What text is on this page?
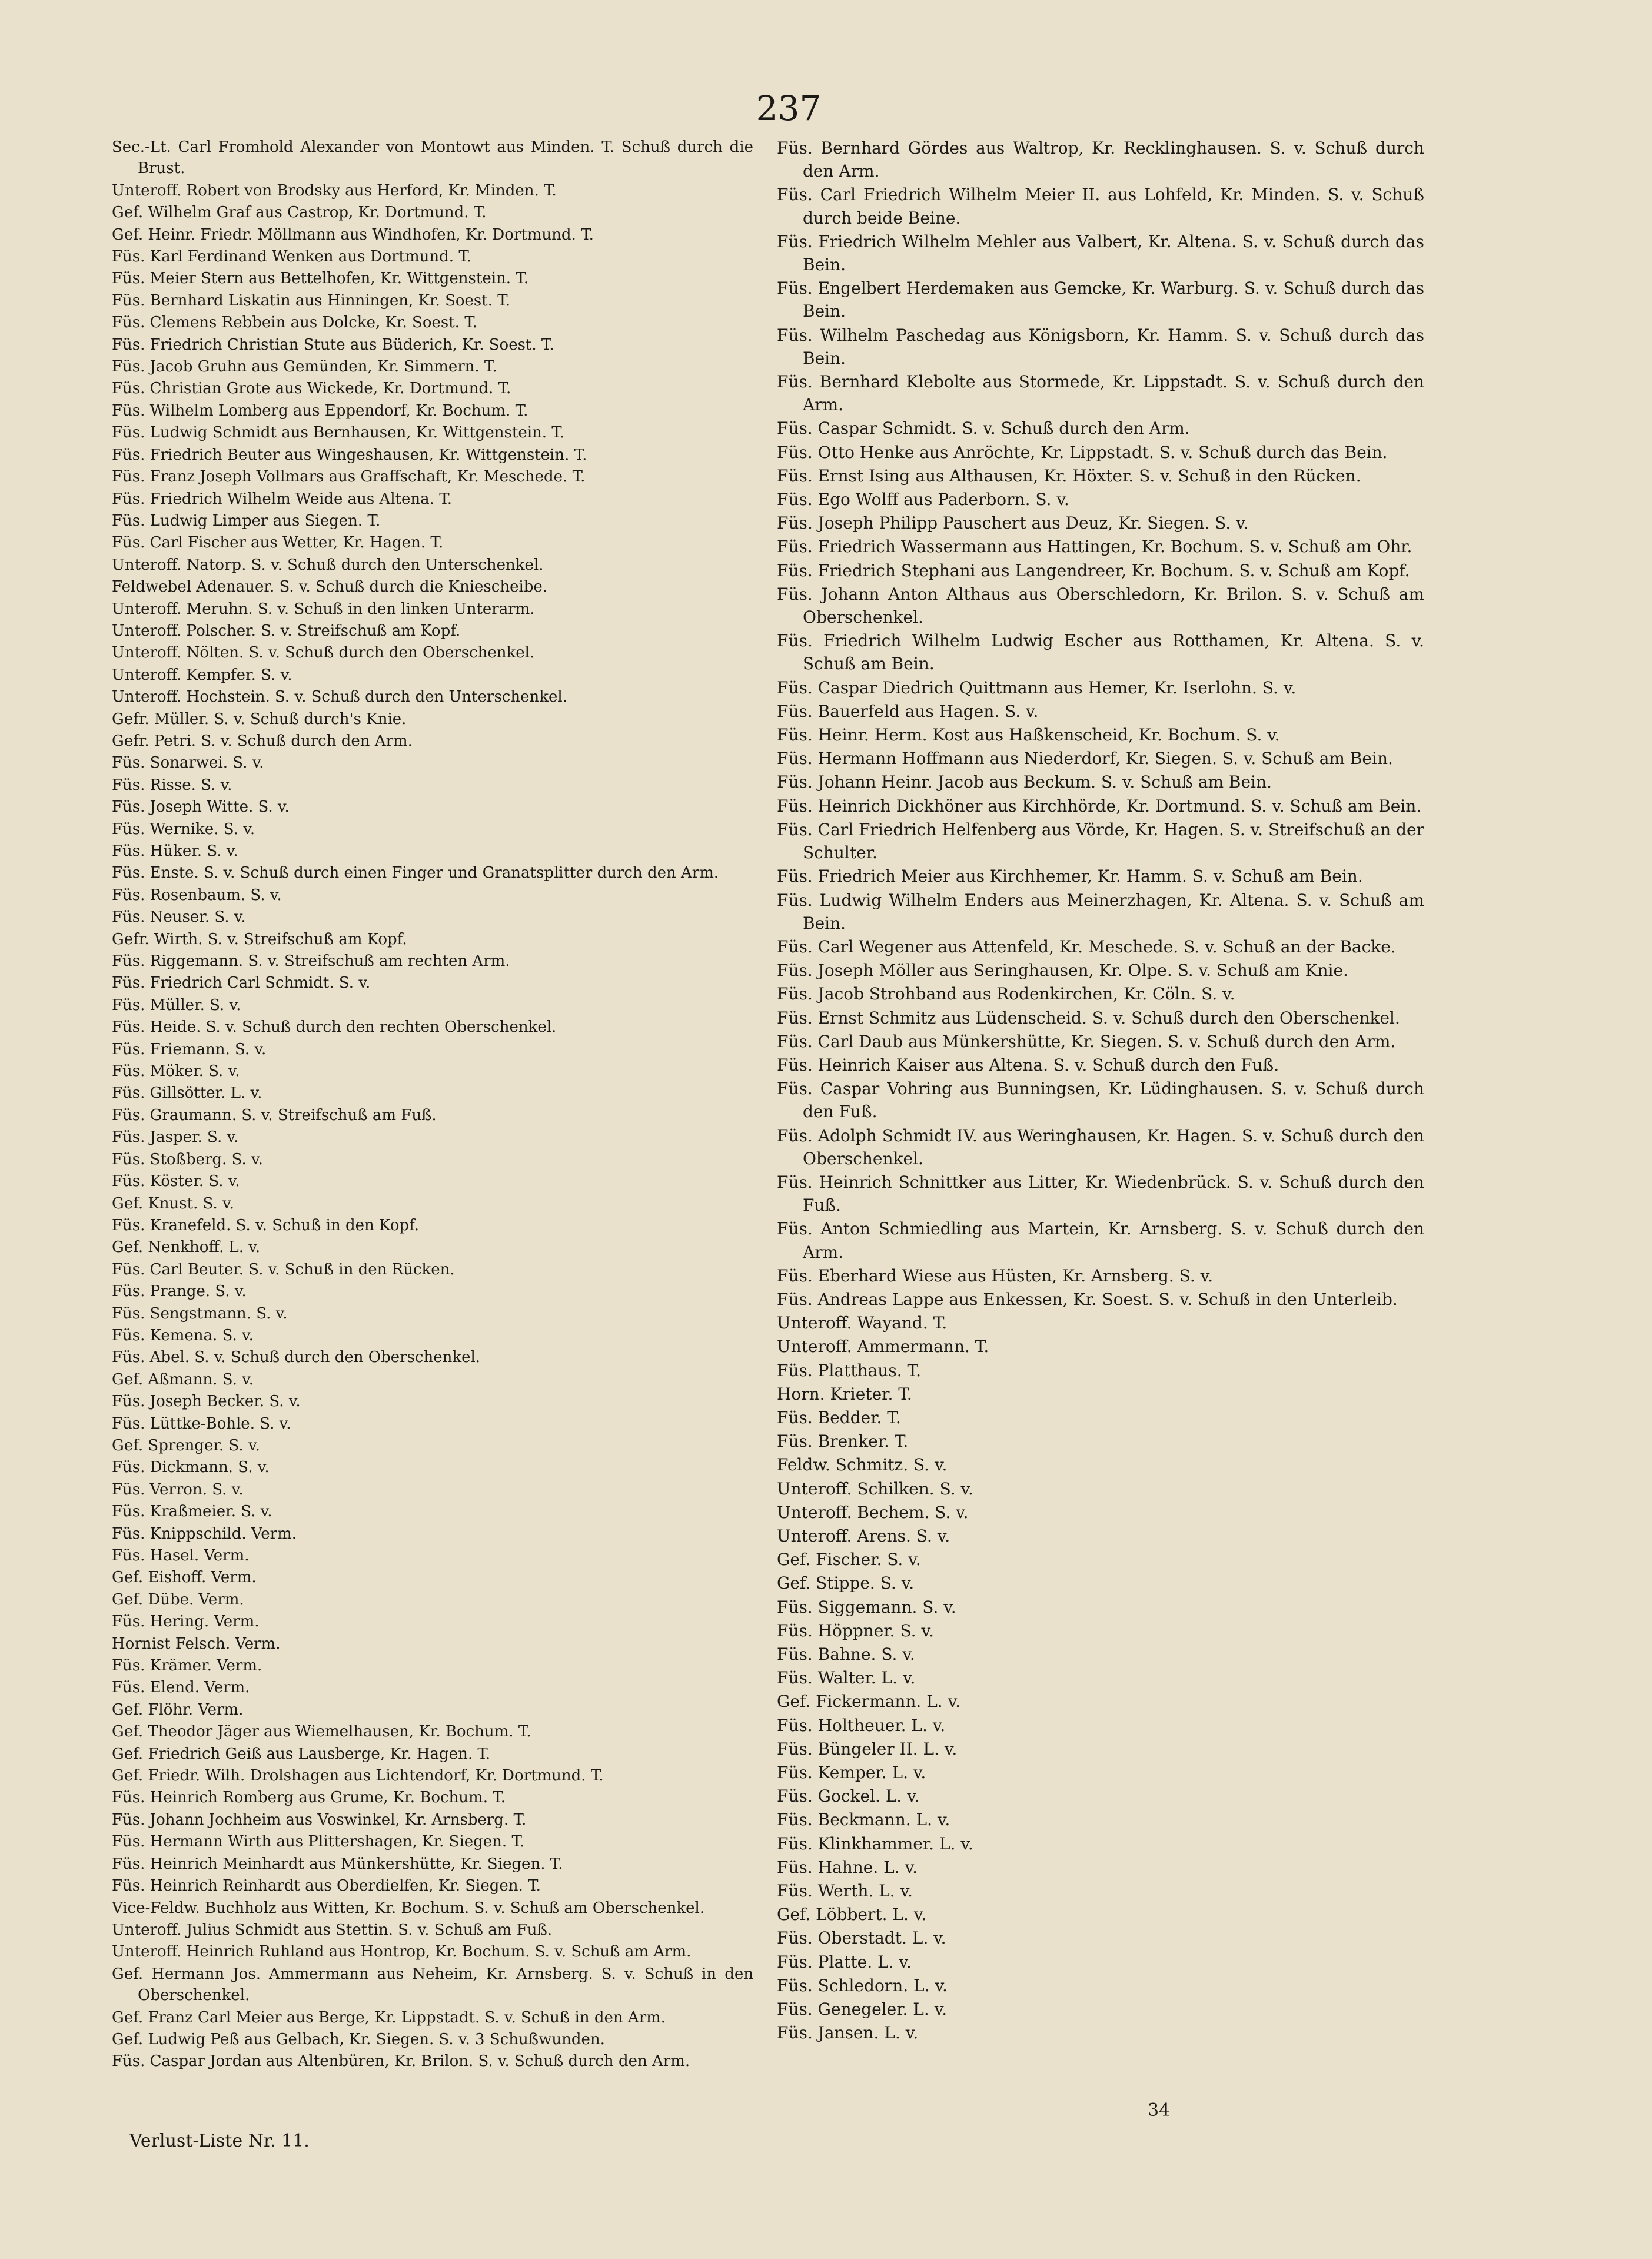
237
Sec.-Lt. Carl Fromhold Alexander von Montowt aus Minden. T. Schuß durch die Brust.
Unteroff. Robert von Brodsky aus Herford, Kr. Minden. T.
Gef. Wilhelm Graf aus Castrop, Kr. Dortmund. T.
Gef. Heinr. Friedr. Möllmann aus Windhofen, Kr. Dortmund. T.
Füs. Karl Ferdinand Wenken aus Dortmund. T.
Füs. Meier Stern aus Bettelhofen, Kr. Wittgenstein. T.
Füs. Bernhard Liskatin aus Hinningen, Kr. Soest. T.
Füs. Clemens Rebbein aus Dolcke, Kr. Soest. T.
Füs. Friedrich Christian Stute aus Büderich, Kr. Soest. T.
Füs. Jacob Gruhn aus Gemünden, Kr. Simmern. T.
Füs. Christian Grote aus Wickede, Kr. Dortmund. T.
Füs. Wilhelm Lomberg aus Eppendorf, Kr. Bochum. T.
Füs. Ludwig Schmidt aus Bernhausen, Kr. Wittgenstein. T.
Füs. Friedrich Beuter aus Wingeshausen, Kr. Wittgenstein. T.
Füs. Franz Joseph Vollmars aus Graffschaft, Kr. Meschede. T.
Füs. Friedrich Wilhelm Weide aus Altena. T.
Füs. Ludwig Limper aus Siegen. T.
Füs. Carl Fischer aus Wetter, Kr. Hagen. T.
Unteroff. Natorp. S. v. Schuß durch den Unterschenkel.
Feldwebel Adenauer. S. v. Schuß durch die Kniescheibe.
Unteroff. Meruhn. S. v. Schuß in den linken Unterarm.
Unteroff. Polscher. S. v. Streifschuß am Kopf.
Unteroff. Nölten. S. v. Schuß durch den Oberschenkel.
Unteroff. Kempfer. S. v.
Unteroff. Hochstein. S. v. Schuß durch den Unterschenkel.
Gefr. Müller. S. v. Schuß durch's Knie.
Gefr. Petri. S. v. Schuß durch den Arm.
Füs. Sonarwei. S. v.
Füs. Risse. S. v.
Füs. Joseph Witte. S. v.
Füs. Wernike. S. v.
Füs. Hüker. S. v.
Füs. Enste. S. v. Schuß durch einen Finger und Granatsplitter durch den Arm.
Füs. Rosenbaum. S. v.
Füs. Neuser. S. v.
Gefr. Wirth. S. v. Streifschuß am Kopf.
Füs. Riggemann. S. v. Streifschuß am rechten Arm.
Füs. Friedrich Carl Schmidt. S. v.
Füs. Müller. S. v.
Füs. Heide. S. v. Schuß durch den rechten Oberschenkel.
Füs. Friemann. S. v.
Füs. Möker. S. v.
Füs. Gillsötter. L. v.
Füs. Graumann. S. v. Streifschuß am Fuß.
Füs. Jasper. S. v.
Füs. Stoßberg. S. v.
Füs. Köster. S. v.
Gef. Knust. S. v.
Füs. Kranefeld. S. v. Schuß in den Kopf.
Gef. Nenkhoff. L. v.
Füs. Carl Beuter. S. v. Schuß in den Rücken.
Füs. Prange. S. v.
Füs. Sengstmann. S. v.
Füs. Kemena. S. v.
Füs. Abel. S. v. Schuß durch den Oberschenkel.
Gef. Aßmann. S. v.
Füs. Joseph Becker. S. v.
Füs. Lüttke-Bohle. S. v.
Gef. Sprenger. S. v.
Füs. Dickmann. S. v.
Füs. Verron. S. v.
Füs. Kraßmeier. S. v.
Füs. Knippschild. Verm.
Füs. Hasel. Verm.
Gef. Eishoff. Verm.
Gef. Dübe. Verm.
Füs. Hering. Verm.
Hornist Felsch. Verm.
Füs. Krämer. Verm.
Füs. Elend. Verm.
Gef. Flöhr. Verm.
Gef. Theodor Jäger aus Wiemelhausen, Kr. Bochum. T.
Gef. Friedrich Geiß aus Lausberge, Kr. Hagen. T.
Gef. Friedr. Wilh. Drolshagen aus Lichtendorf, Kr. Dortmund. T.
Füs. Heinrich Romberg aus Grume, Kr. Bochum. T.
Füs. Johann Jochheim aus Voswinkel, Kr. Arnsberg. T.
Füs. Hermann Wirth aus Plittershagen, Kr. Siegen. T.
Füs. Heinrich Meinhardt aus Münkershütte, Kr. Siegen. T.
Füs. Heinrich Reinhardt aus Oberdielfen, Kr. Siegen. T.
Vice-Feldw. Buchholz aus Witten, Kr. Bochum. S. v. Schuß am Oberschenkel.
Unteroff. Julius Schmidt aus Stettin. S. v. Schuß am Fuß.
Unteroff. Heinrich Ruhland aus Hontrop, Kr. Bochum. S. v. Schuß am Arm.
Gef. Hermann Jos. Ammermann aus Neheim, Kr. Arnsberg. S. v. Schuß in den Oberschenkel.
Gef. Franz Carl Meier aus Berge, Kr. Lippstadt. S. v. Schuß in den Arm.
Gef. Ludwig Peß aus Gelbach, Kr. Siegen. S. v. 3 Schußwunden.
Füs. Caspar Jordan aus Altenbüren, Kr. Brilon. S. v. Schuß durch den Arm.
Füs. Bernhard Gördes aus Waltrop, Kr. Recklinghausen. S. v. Schuß durch den Arm.
Füs. Carl Friedrich Wilhelm Meier II. aus Lohfeld, Kr. Minden. S. v. Schuß durch beide Beine.
Füs. Friedrich Wilhelm Mehler aus Valbert, Kr. Altena. S. v. Schuß durch das Bein.
Füs. Engelbert Herdemaken aus Gemcke, Kr. Warburg. S. v. Schuß durch das Bein.
Füs. Wilhelm Paschedag aus Königsborn, Kr. Hamm. S. v. Schuß durch das Bein.
Füs. Bernhard Klebolte aus Stormede, Kr. Lippstadt. S. v. Schuß durch den Arm.
Füs. Caspar Schmidt. S. v. Schuß durch den Arm.
Füs. Otto Henke aus Anröchte, Kr. Lippstadt. S. v. Schuß durch das Bein.
Füs. Ernst Ising aus Althausen, Kr. Höxter. S. v. Schuß in den Rücken.
Füs. Ego Wolff aus Paderborn. S. v.
Füs. Joseph Philipp Pauschert aus Deuz, Kr. Siegen. S. v.
Füs. Friedrich Wassermann aus Hattingen, Kr. Bochum. S. v. Schuß am Ohr.
Füs. Friedrich Stephani aus Langendreer, Kr. Bochum. S. v. Schuß am Kopf.
Füs. Johann Anton Althaus aus Oberschledorn, Kr. Brilon. S. v. Schuß am Oberschenkel.
Füs. Friedrich Wilhelm Ludwig Escher aus Rotthamen, Kr. Altena. S. v. Schuß am Bein.
Füs. Caspar Diedrich Quittmann aus Hemer, Kr. Iserlohn. S. v.
Füs. Bauerfeld aus Hagen. S. v.
Füs. Heinr. Herm. Kost aus Haßkenscheid, Kr. Bochum. S. v.
Füs. Hermann Hoffmann aus Niederdorf, Kr. Siegen. S. v. Schuß am Bein.
Füs. Johann Heinr. Jacob aus Beckum. S. v. Schuß am Bein.
Füs. Heinrich Dickhöner aus Kirchhörde, Kr. Dortmund. S. v. Schuß am Bein.
Füs. Carl Friedrich Helfenberg aus Vörde, Kr. Hagen. S. v. Streifschuß an der Schulter.
Füs. Friedrich Meier aus Kirchhemer, Kr. Hamm. S. v. Schuß am Bein.
Füs. Ludwig Wilhelm Enders aus Meinerzhagen, Kr. Altena. S. v. Schuß am Bein.
Füs. Carl Wegener aus Attenfeld, Kr. Meschede. S. v. Schuß an der Backe.
Füs. Joseph Möller aus Seringhausen, Kr. Olpe. S. v. Schuß am Knie.
Füs. Jacob Strohband aus Rodenkirchen, Kr. Cöln. S. v.
Füs. Ernst Schmitz aus Lüdenscheid. S. v. Schuß durch den Oberschenkel.
Füs. Carl Daub aus Münkershütte, Kr. Siegen. S. v. Schuß durch den Arm.
Füs. Heinrich Kaiser aus Altena. S. v. Schuß durch den Fuß.
Füs. Caspar Vohring aus Bunningsen, Kr. Lüdinghausen. S. v. Schuß durch den Fuß.
Füs. Adolph Schmidt IV. aus Weringhausen, Kr. Hagen. S. v. Schuß durch den Oberschenkel.
Füs. Heinrich Schnittker aus Litter, Kr. Wiedenbrück. S. v. Schuß durch den Fuß.
Füs. Anton Schmiedling aus Martein, Kr. Arnsberg. S. v. Schuß durch den Arm.
Füs. Eberhard Wiese aus Hüsten, Kr. Arnsberg. S. v.
Füs. Andreas Lappe aus Enkessen, Kr. Soest. S. v. Schuß in den Unterleib.
Unteroff. Wayand. T.
Unteroff. Ammermann. T.
Füs. Platthaus. T.
Horn. Krieter. T.
Füs. Bedder. T.
Füs. Brenker. T.
Feldw. Schmitz. S. v.
Unteroff. Schilken. S. v.
Unteroff. Bechem. S. v.
Unteroff. Arens. S. v.
Gef. Fischer. S. v.
Gef. Stippe. S. v.
Füs. Siggemann. S. v.
Füs. Höppner. S. v.
Füs. Bahne. S. v.
Füs. Walter. L. v.
Gef. Fickermann. L. v.
Füs. Holtheuer. L. v.
Füs. Büngeler II. L. v.
Füs. Kemper. L. v.
Füs. Gockel. L. v.
Füs. Beckmann. L. v.
Füs. Klinkhammer. L. v.
Füs. Hahne. L. v.
Füs. Werth. L. v.
Gef. Löbbert. L. v.
Füs. Oberstadt. L. v.
Füs. Platte. L. v.
Füs. Schledorn. L. v.
Füs. Genegeler. L. v.
Füs. Jansen. L. v.
Verlust-Liste Nr. 11.
34
